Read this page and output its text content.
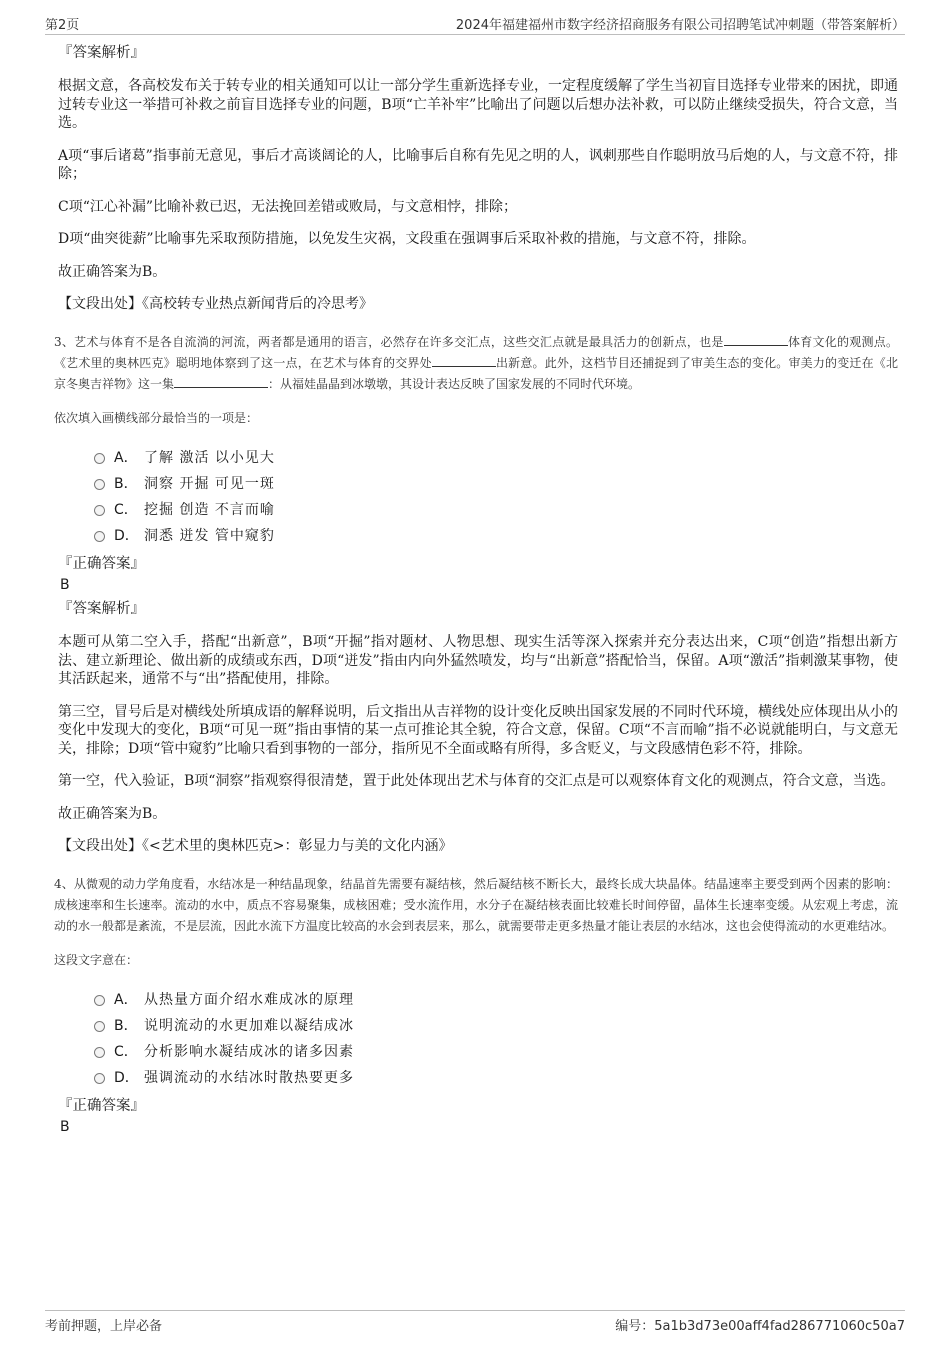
第2页	2024年福建福州市数字经济招商服务有限公司招聘笔试冲刺题（带答案解析）
『答案解析』

根据文意，各高校发布关于转专业的相关通知可以让一部分学生重新选择专业，一定程度缓解了学生当初盲目选择专业带来的困扰，即通过转专业这一举措可补救之前盲目选择专业的问题，B项“亡羊补牢”比喻出了问题以后想办法补救，可以防止继续受损失，符合文意，当选。

A项“事后诸葛”指事前无意见，事后才高谈阔论的人，比喻事后自称有先见之明的人，讽刺那些自作聪明放马后炮的人，与文意不符，排除；

C项“江心补漏”比喻补救已迟，无法挽回差错或败局，与文意相悖，排除；

D项“曲突徙薪”比喻事先采取预防措施，以免发生灾祸，文段重在强调事后采取补救的措施，与文意不符，排除。

故正确答案为B。

【文段出处】《高校转专业热点新闻背后的冷思考》

3、艺术与体育不是各自流淌的河流，两者都是通用的语言，必然存在许多交汇点，这些交汇点就是最具活力的创新点，也是	体育文化的观测点。《艺术里的奥林匹克》聪明地体察到了这一点，在艺术与体育的交界处	出新意。此外，这档节目还捕捉到了审美生态的变化。审美力的变迁在《北京冬奥吉祥物》这一集	：从福娃晶晶到冰墩墩，其设计表达反映了国家发展的不同时代环境。

依次填入画横线部分最恰当的一项是：

A． 了解 激活 以小见大
B． 洞察 开掘 可见一斑
C． 挖掘 创造 不言而喻
D． 洞悉 迸发 管中窥豹
『正确答案』
B
『答案解析』

本题可从第二空入手，搭配“出新意”，B项“开掘”指对题材、人物思想、现实生活等深入探索并充分表达出来，C项“创造”指想出新方法、建立新理论、做出新的成绩或东西，D项“迸发”指由内向外猛然喷发，均与“出新意”搭配恰当，保留。A项“激活”指刺激某事物，使其活跃起来，通常不与“出”搭配使用，排除。

第三空，冒号后是对横线处所填成语的解释说明，后文指出从吉祥物的设计变化反映出国家发展的不同时代环境，横线处应体现出从小的变化中发现大的变化，B项“可见一斑”指由事情的某一点可推论其全貌，符合文意，保留。C项“不言而喻”指不必说就能明白，与文意无关，排除；D项“管中窥豹”比喻只看到事物的一部分，指所见不全面或略有所得，多含贬义，与文段感情色彩不符，排除。

第一空，代入验证，B项“洞察”指观察得很清楚，置于此处体现出艺术与体育的交汇点是可以观察体育文化的观测点，符合文意，当选。

故正确答案为B。

【文段出处】《<艺术里的奥林匹克>：彰显力与美的文化内涵》

4、从微观的动力学角度看，水结冰是一种结晶现象，结晶首先需要有凝结核，然后凝结核不断长大，最终长成大块晶体。结晶速率主要受到两个因素的影响：成核速率和生长速率。流动的水中，质点不容易聚集，成核困难；受水流作用，水分子在凝结核表面比较难长时间停留，晶体生长速率变缓。从宏观上考虑，流动的水一般都是紊流，不是层流，因此水流下方温度比较高的水会到表层来，那么，就需要带走更多热量才能让表层的水结冰，这也会使得流动的水更难结冰。

这段文字意在：

A． 从热量方面介绍水难成冰的原理
B． 说明流动的水更加难以凝结成冰
C． 分析影响水凝结成冰的诸多因素
D． 强调流动的水结冰时散热要更多
『正确答案』
B
考前押题，上岸必备	编号：5a1b3d73e00aff4fad286771060c50a7
